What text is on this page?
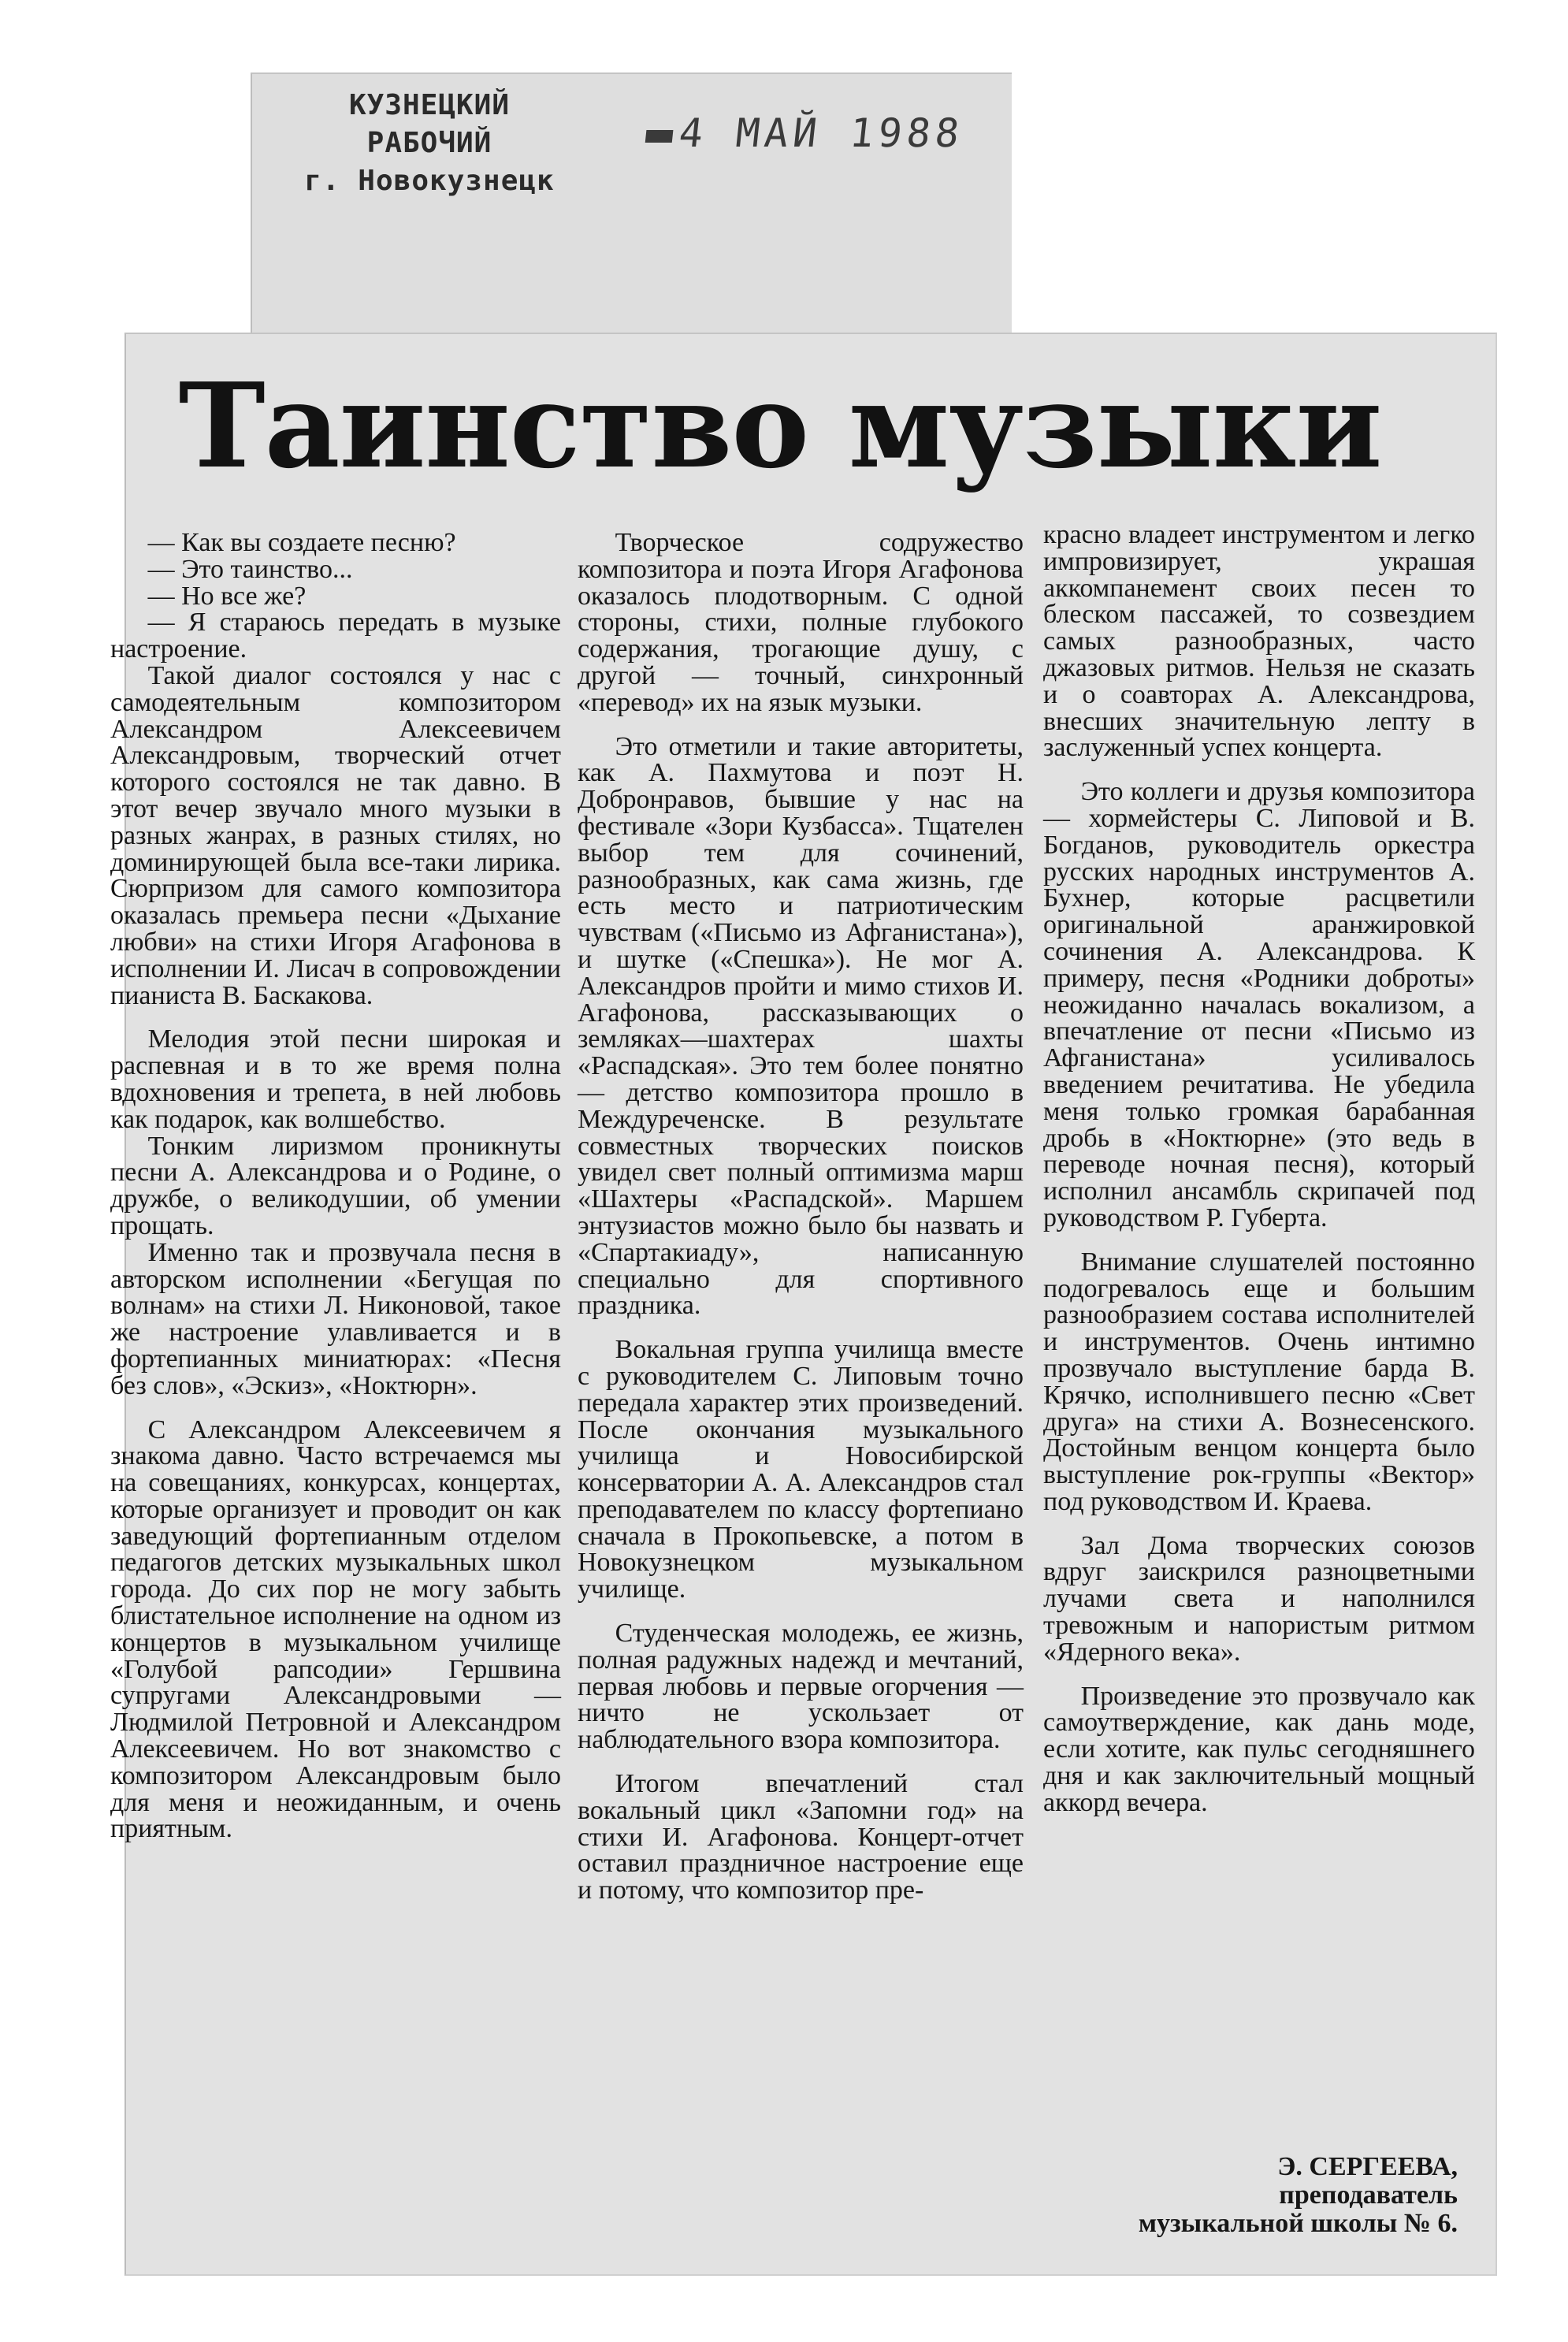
КУЗНЕЦКИЙ РАБОЧИЙ
г. Новокузнецк
4 МАЙ 1988
Таинство музыки

— Как вы создаете песню?

— Это таинство...

— Но все же?

— Я стараюсь передать в музыке настроение.

Такой диалог состоялся у нас с самодеятельным композитором Александром Алексеевичем Александровым, творческий отчет которого состоялся не так давно. В этот вечер звучало много музыки в разных жанрах, в разных стилях, но доминирующей была все-таки лирика. Сюрпризом для самого композитора оказалась премьера песни «Дыхание любви» на стихи Игоря Агафонова в исполнении И. Лисач в сопровождении пианиста В. Баскакова.

Мелодия этой песни широкая и распевная и в то же время полна вдохновения и трепета, в ней любовь как подарок, как волшебство.

Тонким лиризмом проникнуты песни А. Александрова и о Родине, о дружбе, о великодушии, об умении прощать.

Именно так и прозвучала песня в авторском исполнении «Бегущая по волнам» на стихи Л. Никоновой, такое же настроение улавливается и в фортепианных миниатюрах: «Песня без слов», «Эскиз», «Ноктюрн».

С Александром Алексеевичем я знакома давно. Часто встречаемся мы на совещаниях, конкурсах, концертах, которые организует и проводит он как заведующий фортепианным отделом педагогов детских музыкальных школ города. До сих пор не могу забыть блистательное исполнение на одном из концертов в музыкальном училище «Голубой рапсодии» Гершвина супругами Александровыми — Людмилой Петровной и Александром Алексеевичем. Но вот знакомство с композитором Александровым было для меня и неожиданным, и очень приятным.

Творческое содружество композитора и поэта Игоря Агафонова оказалось плодотворным. С одной стороны, стихи, полные глубокого содержания, трогающие душу, с другой — точный, синхронный «перевод» их на язык музыки.

Это отметили и такие авторитеты, как А. Пахмутова и поэт Н. Добронравов, бывшие у нас на фестивале «Зори Кузбасса». Тщателен выбор тем для сочинений, разнообразных, как сама жизнь, где есть место и патриотическим чувствам («Письмо из Афганистана»), и шутке («Спешка»). Не мог А. Александров пройти и мимо стихов И. Агафонова, рассказывающих о земляках—шахтерах шахты «Распадская». Это тем более понятно — детство композитора прошло в Междуреченске. В результате совместных творческих поисков увидел свет полный оптимизма марш «Шахтеры «Распадской». Маршем энтузиастов можно было бы назвать и «Спартакиаду», написанную специально для спортивного праздника.

Вокальная группа училища вместе с руководителем С. Липовым точно передала характер этих произведений. После окончания музыкального училища и Новосибирской консерватории А. А. Александров стал преподавателем по классу фортепиано сначала в Прокопьевске, а потом в Новокузнецком музыкальном училище.

Студенческая молодежь, ее жизнь, полная радужных надежд и мечтаний, первая любовь и первые огорчения — ничто не ускользает от наблюдательного взора композитора.

Итогом впечатлений стал вокальный цикл «Запомни год» на стихи И. Агафонова. Концерт-отчет оставил праздничное настроение еще и потому, что композитор пре-

красно владеет инструментом и легко импровизирует, украшая аккомпанемент своих песен то блеском пассажей, то созвездием самых разнообразных, часто джазовых ритмов. Нельзя не сказать и о соавторах А. Александрова, внесших значительную лепту в заслуженный успех концерта.

Это коллеги и друзья композитора — хормейстеры С. Липовой и В. Богданов, руководитель оркестра русских народных инструментов А. Бухнер, которые расцветили оригинальной аранжировкой сочинения А. Александрова. К примеру, песня «Родники доброты» неожиданно началась вокализом, а впечатление от песни «Письмо из Афганистана» усиливалось введением речитатива. Не убедила меня только громкая барабанная дробь в «Ноктюрне» (это ведь в переводе ночная песня), который исполнил ансамбль скрипачей под руководством Р. Губерта.

Внимание слушателей постоянно подогревалось еще и большим разнообразием состава исполнителей и инструментов. Очень интимно прозвучало выступление барда В. Крячко, исполнившего песню «Свет друга» на стихи А. Вознесенского. Достойным венцом концерта было выступление рок-группы «Вектор» под руководством И. Краева.

Зал Дома творческих союзов вдруг заискрился разноцветными лучами света и наполнился тревожным и напористым ритмом «Ядерного века».

Произведение это прозвучало как самоутверждение, как дань моде, если хотите, как пульс сегодняшнего дня и как заключительный мощный аккорд вечера.

Э. СЕРГЕЕВА,
преподаватель
музыкальной школы № 6.
